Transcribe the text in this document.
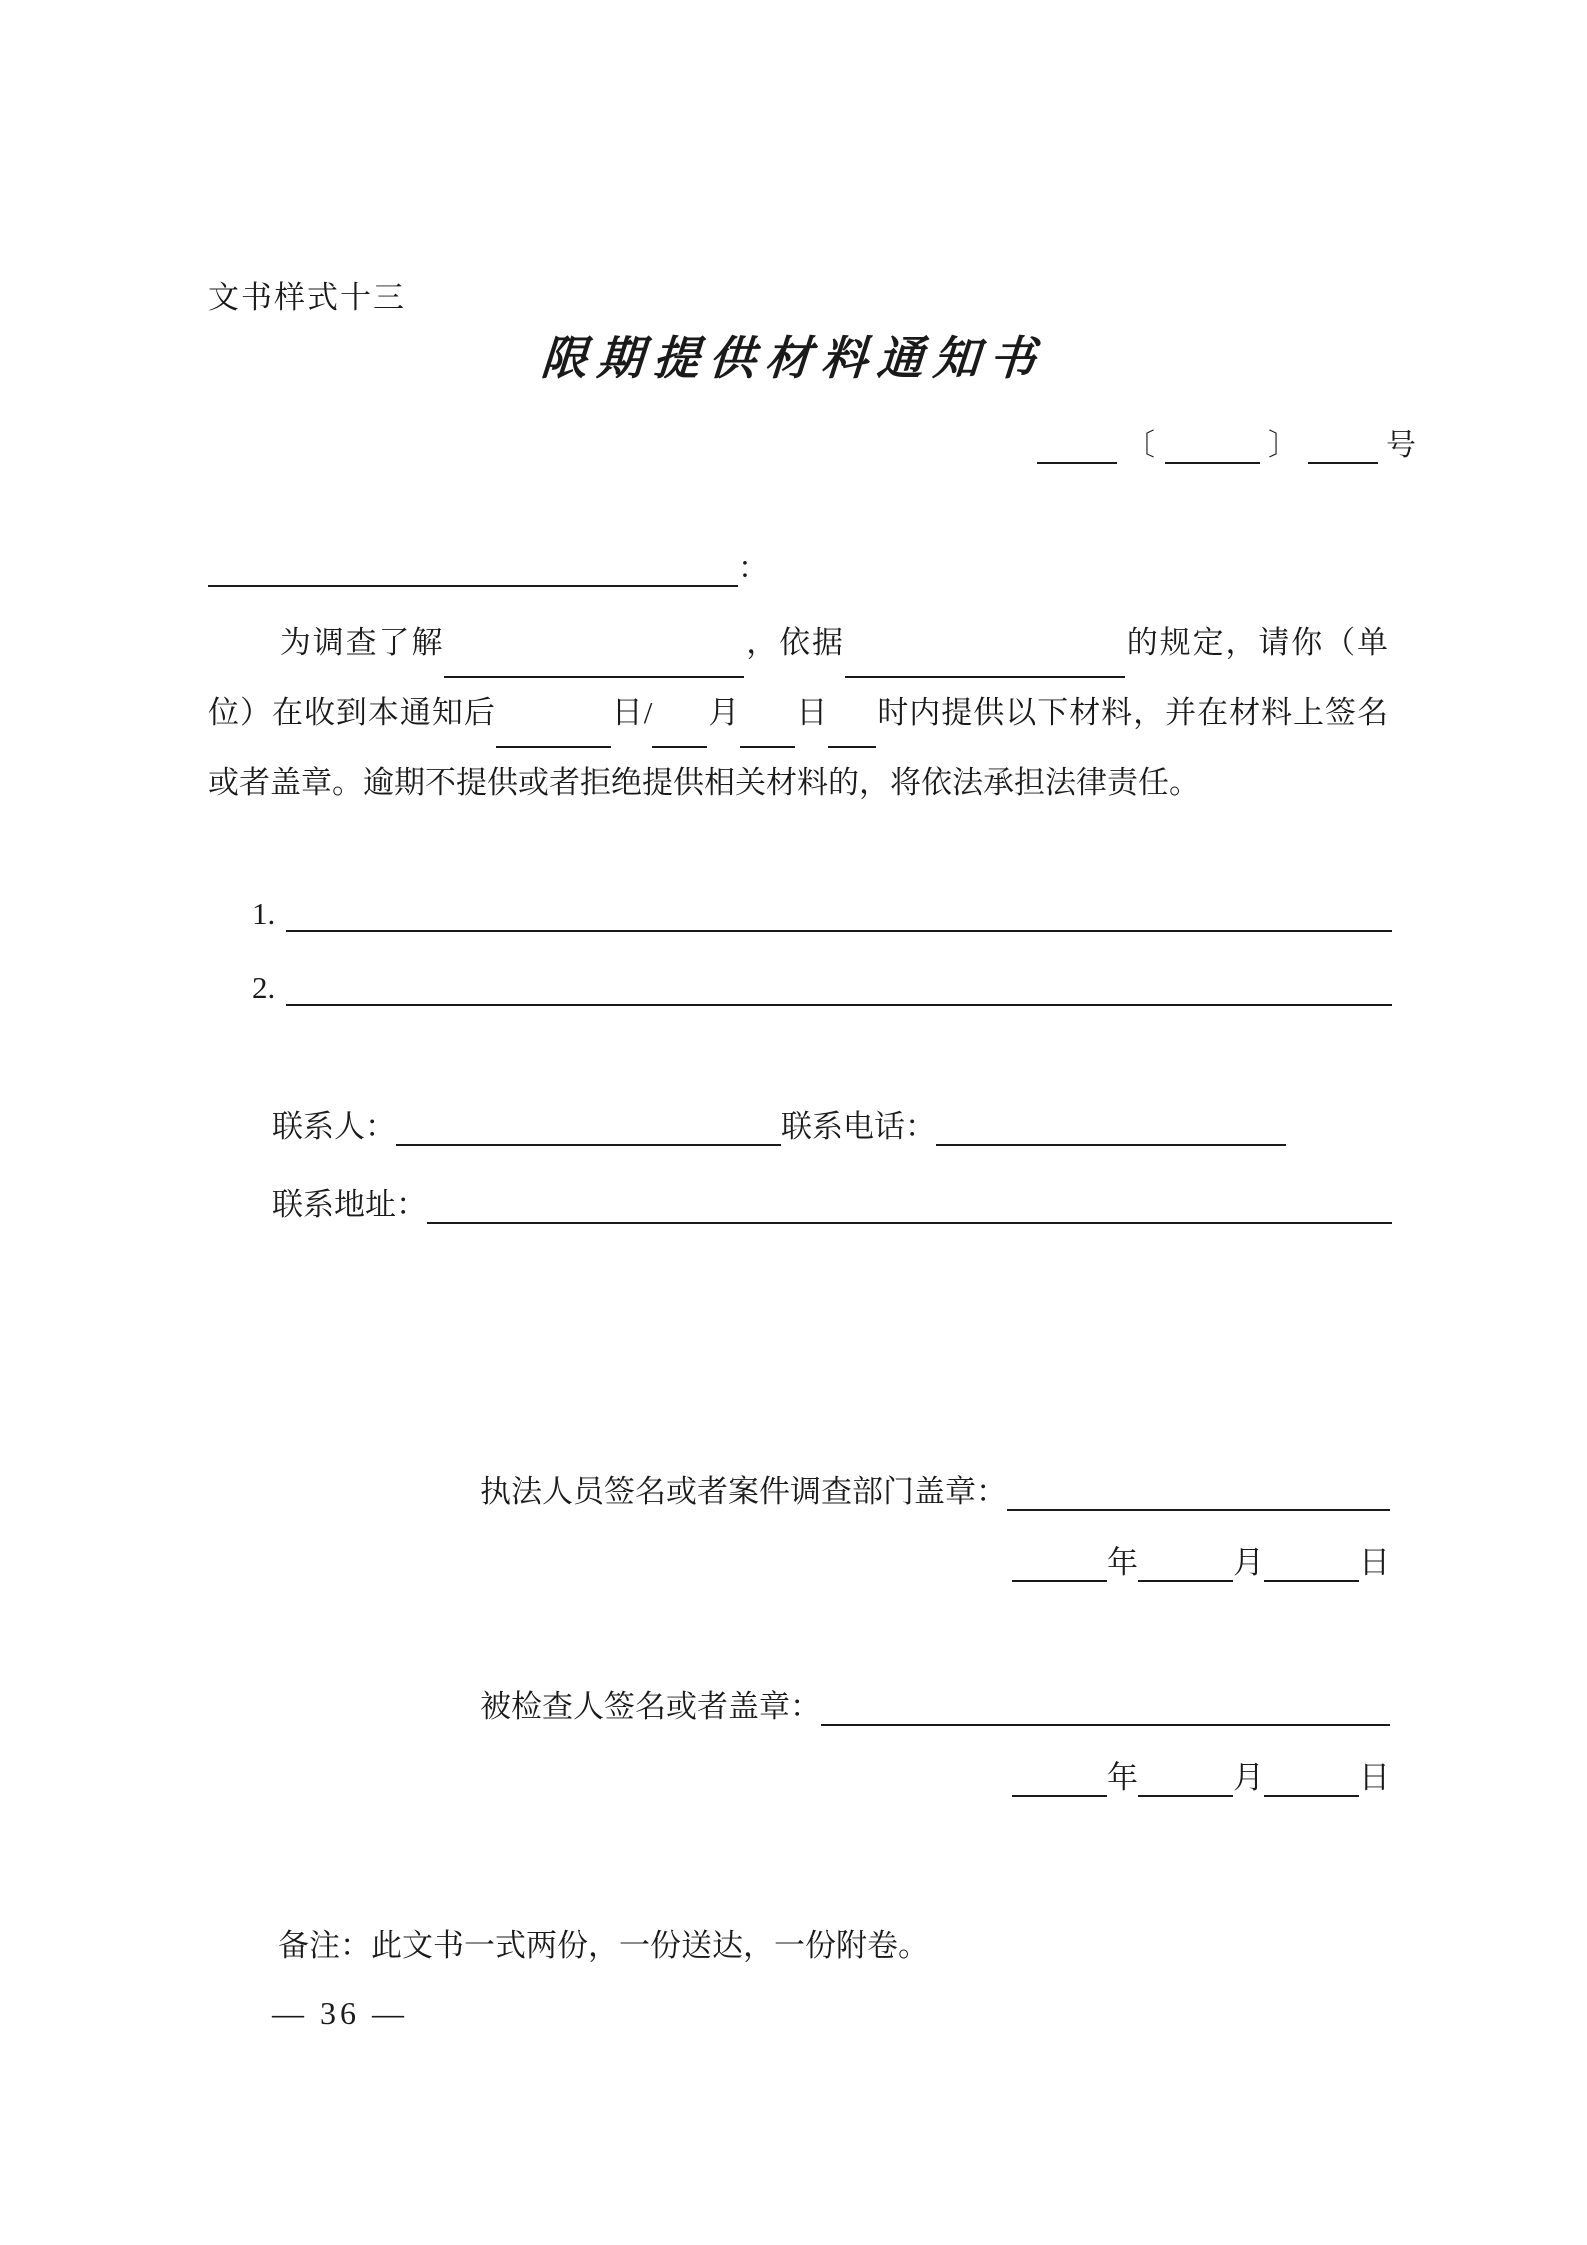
文书样式十三
限期提供材料通知书
〔	〕	号
：
为调查了解	，依据	的规定，请你（单位）在收到本通知后	日/ 月 日 时内提供以下材料，并在材料上签名或者盖章。逾期不提供或者拒绝提供相关材料的，将依法承担法律责任。
1.
2.
联系人：	联系电话：
联系地址：
执法人员签名或者案件调查部门盖章：
年	月	日
被检查人签名或者盖章：
年	月	日
备注：此文书一式两份，一份送达，一份附卷。
— 36 —
